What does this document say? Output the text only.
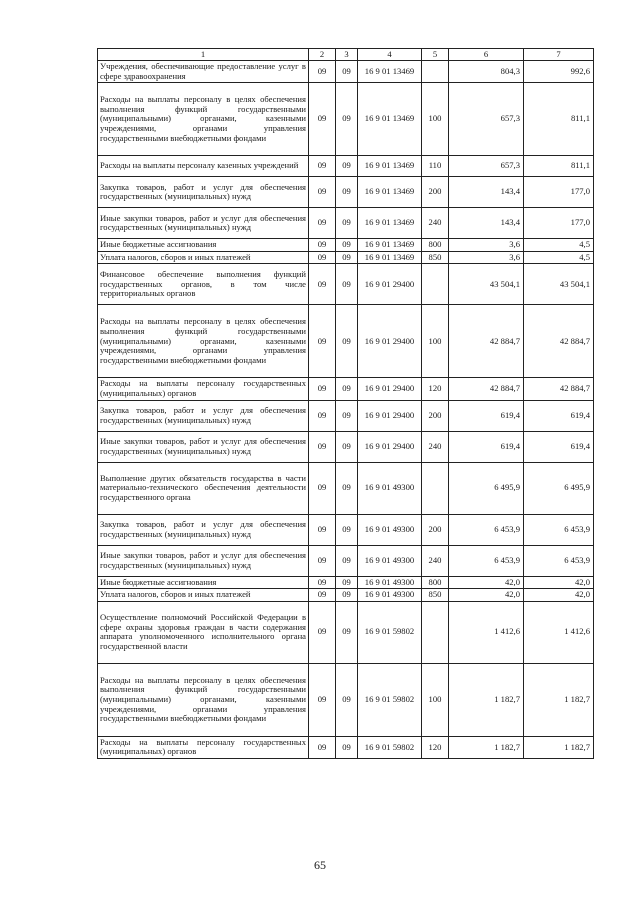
1	2	3	4	5	6	7
Учреждения, обеспечивающие предоставление услуг в сфере здравоохранения	09	09	16 9 01 13469		804,3	992,6
Расходы на выплаты персоналу в целях обеспечения выполнения функций государственными (муниципальными) органами, казенными учреждениями, органами управления государственными внебюджетными фондами	09	09	16 9 01 13469	100	657,3	811,1
Расходы на выплаты персоналу казенных учреждений	09	09	16 9 01 13469	110	657,3	811,1
Закупка товаров, работ и услуг для обеспечения государственных (муниципальных) нужд	09	09	16 9 01 13469	200	143,4	177,0
Иные закупки товаров, работ и услуг для обеспечения государственных (муниципальных) нужд	09	09	16 9 01 13469	240	143,4	177,0
Иные бюджетные ассигнования	09	09	16 9 01 13469	800	3,6	4,5
Уплата налогов, сборов и иных платежей	09	09	16 9 01 13469	850	3,6	4,5
Финансовое обеспечение выполнения функций государственных органов, в том числе территориальных органов	09	09	16 9 01 29400		43 504,1	43 504,1
Расходы на выплаты персоналу в целях обеспечения выполнения функций государственными (муниципальными) органами, казенными учреждениями, органами управления государственными внебюджетными фондами	09	09	16 9 01 29400	100	42 884,7	42 884,7
Расходы на выплаты персоналу государственных (муниципальных) органов	09	09	16 9 01 29400	120	42 884,7	42 884,7
Закупка товаров, работ и услуг для обеспечения государственных (муниципальных) нужд	09	09	16 9 01 29400	200	619,4	619,4
Иные закупки товаров, работ и услуг для обеспечения государственных (муниципальных) нужд	09	09	16 9 01 29400	240	619,4	619,4
Выполнение других обязательств государства в части материально-технического обеспечения деятельности государственного органа	09	09	16 9 01 49300		6 495,9	6 495,9
Закупка товаров, работ и услуг для обеспечения государственных (муниципальных) нужд	09	09	16 9 01 49300	200	6 453,9	6 453,9
Иные закупки товаров, работ и услуг для обеспечения государственных (муниципальных) нужд	09	09	16 9 01 49300	240	6 453,9	6 453,9
Иные бюджетные ассигнования	09	09	16 9 01 49300	800	42,0	42,0
Уплата налогов, сборов и иных платежей	09	09	16 9 01 49300	850	42,0	42,0
Осуществление полномочий Российской Федерации в сфере охраны здоровья граждан в части содержания аппарата уполномоченного исполнительного органа государственной власти	09	09	16 9 01 59802		1 412,6	1 412,6
Расходы на выплаты персоналу в целях обеспечения выполнения функций государственными (муниципальными) органами, казенными учреждениями, органами управления государственными внебюджетными фондами	09	09	16 9 01 59802	100	1 182,7	1 182,7
Расходы на выплаты персоналу государственных (муниципальных) органов	09	09	16 9 01 59802	120	1 182,7	1 182,7
65
